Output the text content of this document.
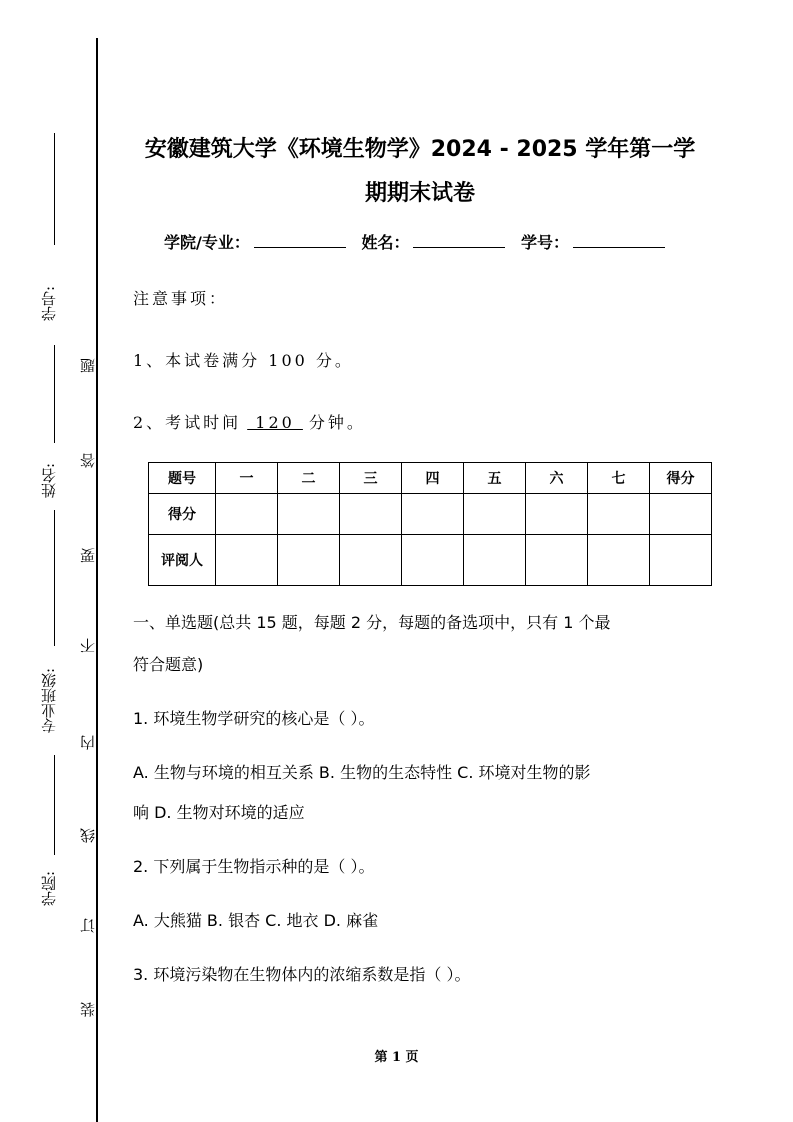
学号:
姓名:
专业班级:
学院:
题
答
要
不
内
线
订
装
安徽建筑大学《环境生物学》2024 - 2025 学年第一学
期期末试卷
学院/专业：	姓名：	学号：
注意事项：
1、本试卷满分 100 分。
2、考试时间 120 分钟。
题号	一	二	三	四	五	六	七	得分
得分								
评阅人								
一、单选题(总共 15 题，每题 2 分，每题的备选项中，只有 1 个最
符合题意)
1. 环境生物学研究的核心是（ ）。
A. 生物与环境的相互关系 B. 生物的生态特性 C. 环境对生物的影
响 D. 生物对环境的适应
2. 下列属于生物指示种的是（ ）。
A. 大熊猫 B. 银杏 C. 地衣 D. 麻雀
3. 环境污染物在生物体内的浓缩系数是指（ ）。
第 1 页
